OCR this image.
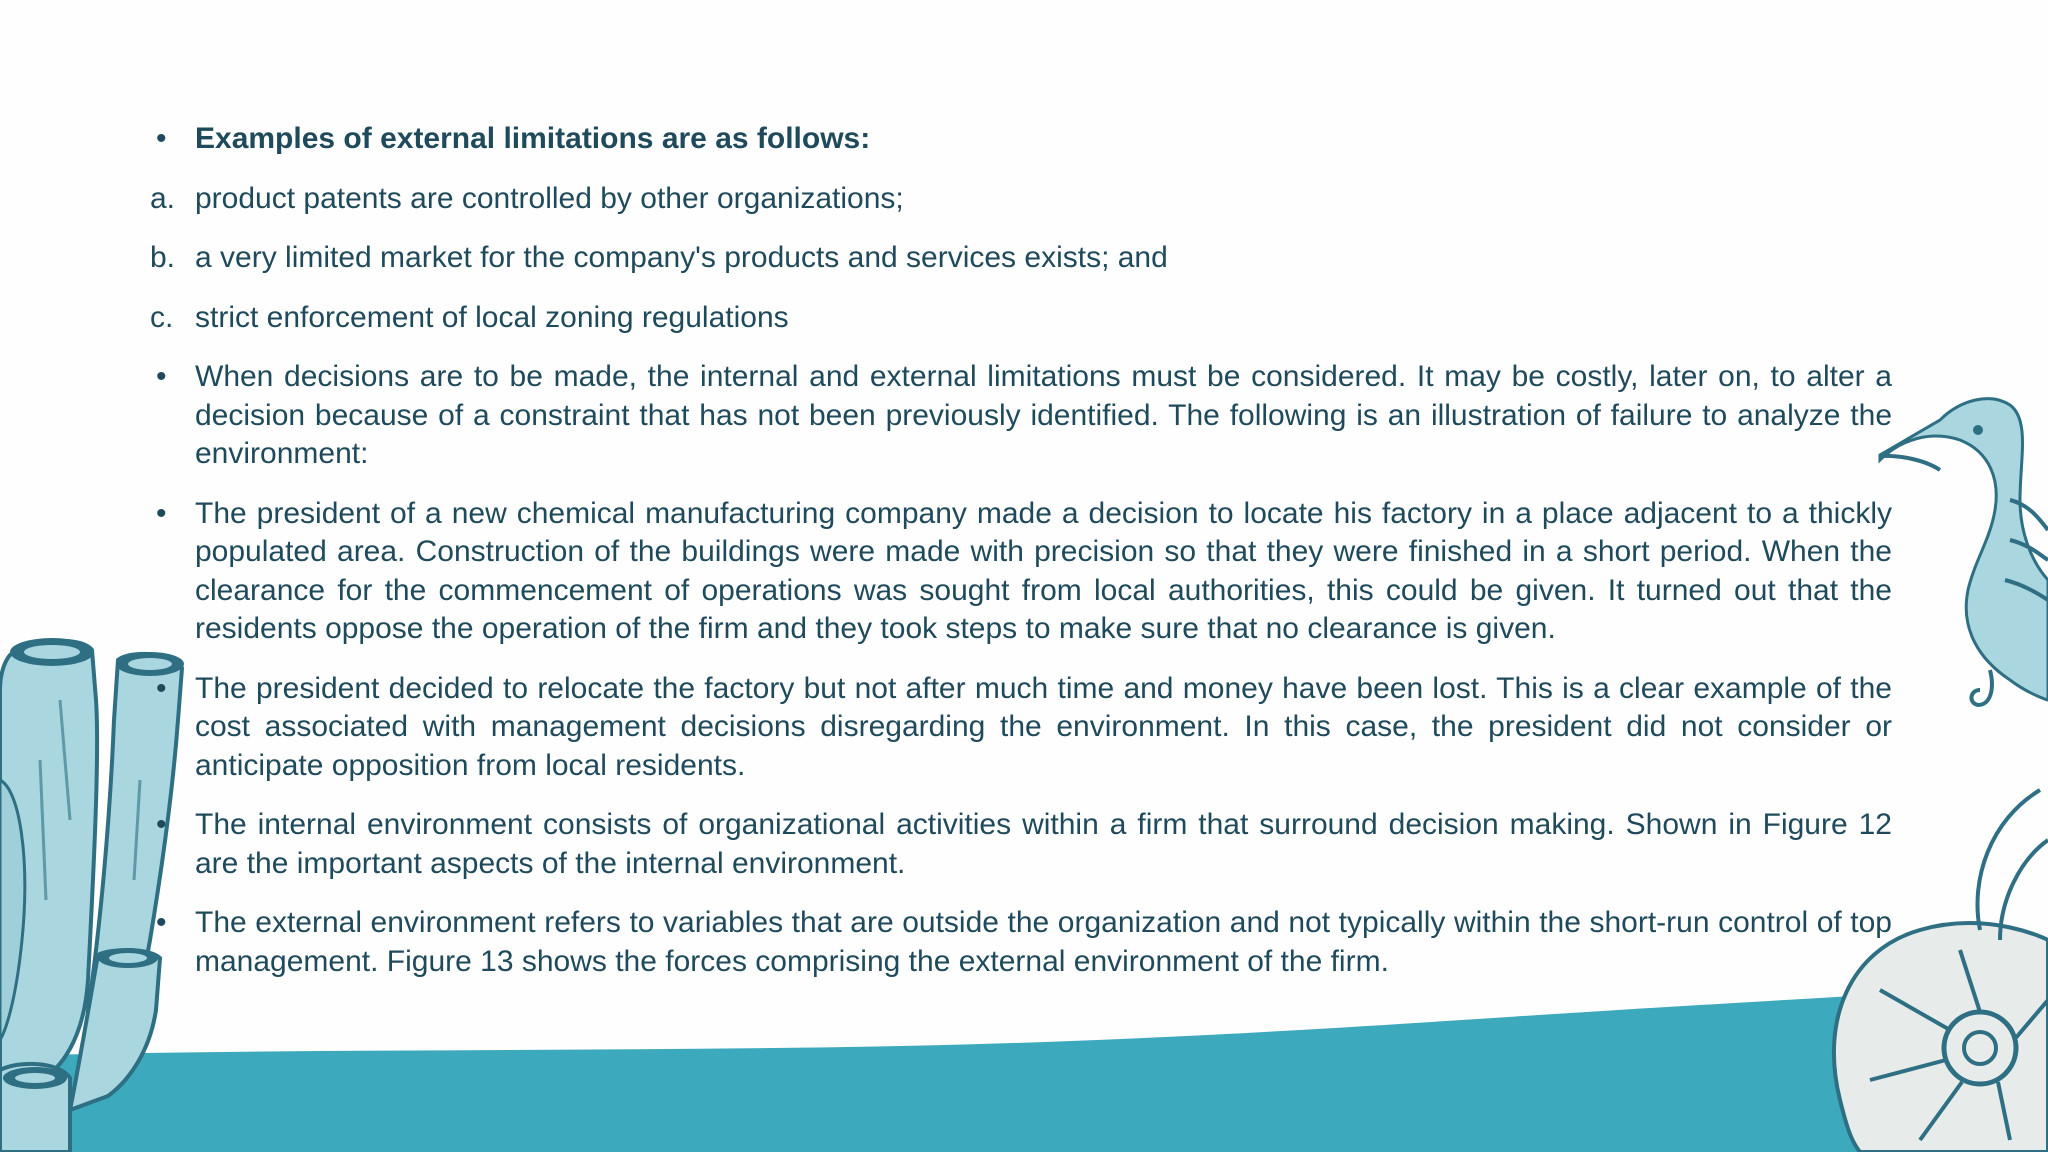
• Examples of external limitations are as follows:
a. product patents are controlled by other organizations;
b. a very limited market for the company's products and services exists; and
c. strict enforcement of local zoning regulations
• When decisions are to be made, the internal and external limitations must be considered. It may be costly, later on, to alter a decision because of a constraint that has not been previously identified. The following is an illustration of failure to analyze the environment:
• The president of a new chemical manufacturing company made a decision to locate his factory in a place adjacent to a thickly populated area. Construction of the buildings were made with precision so that they were finished in a short period. When the clearance for the commencement of operations was sought from local authorities, this could be given. It turned out that the residents oppose the operation of the firm and they took steps to make sure that no clearance is given.
• The president decided to relocate the factory but not after much time and money have been lost. This is a clear example of the cost associated with management decisions disregarding the environment. In this case, the president did not consider or anticipate opposition from local residents.
• The internal environment consists of organizational activities within a firm that surround decision making. Shown in Figure 12 are the important aspects of the internal environment.
• The external environment refers to variables that are outside the organization and not typically within the short-run control of top management. Figure 13 shows the forces comprising the external environment of the firm.
